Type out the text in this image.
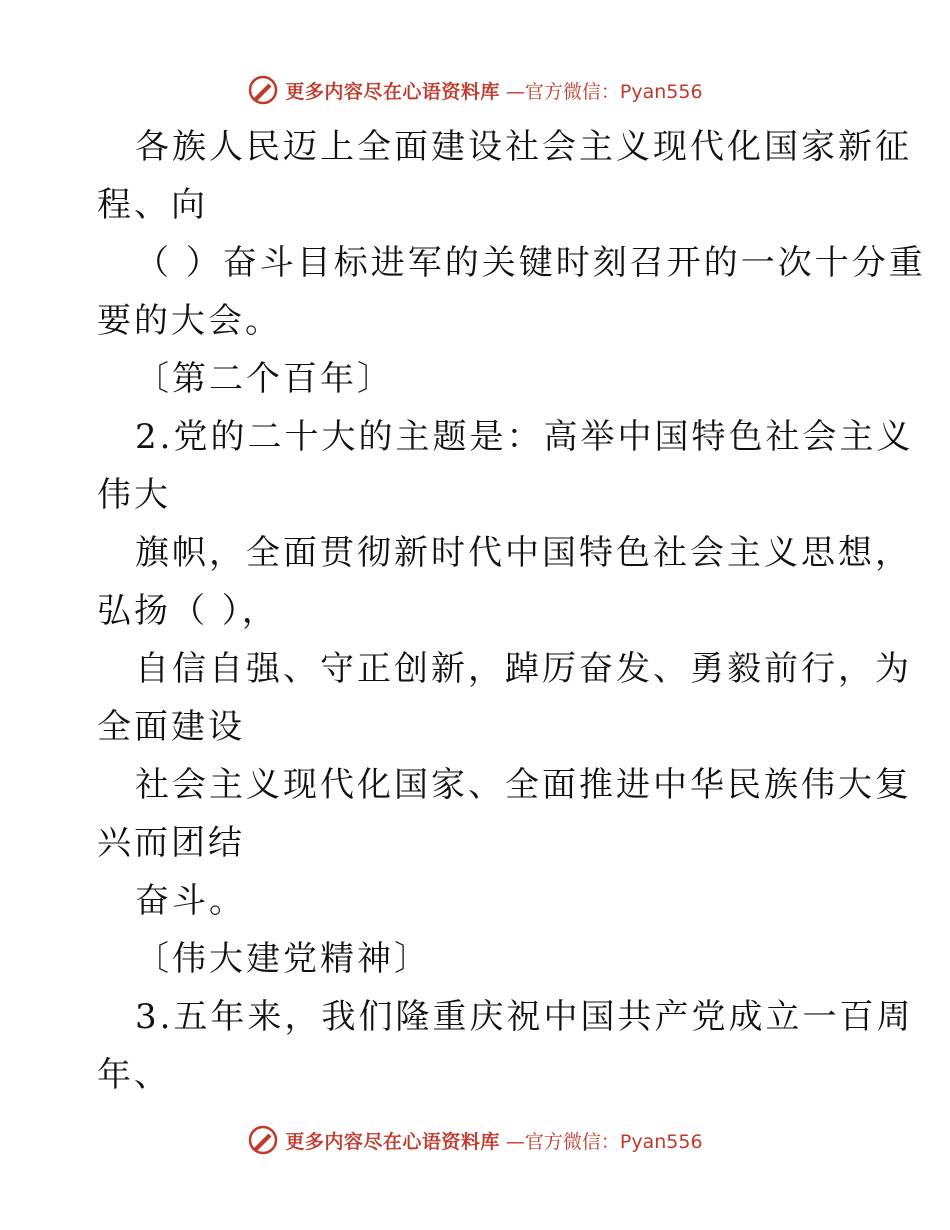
更多内容尽在心语资料库 —官方微信：Pyan556
各族人民迈上全面建设社会主义现代化国家新征
程、向
（ ）奋斗目标进军的关键时刻召开的一次十分重
要的大会。
〔第二个百年〕
2.党的二十大的主题是：高举中国特色社会主义
伟大
旗帜，全面贯彻新时代中国特色社会主义思想，
弘扬（ ），
自信自强、守正创新，踔厉奋发、勇毅前行，为
全面建设
社会主义现代化国家、全面推进中华民族伟大复
兴而团结
奋斗。
〔伟大建党精神〕
3.五年来，我们隆重庆祝中国共产党成立一百周
年、
更多内容尽在心语资料库 —官方微信：Pyan556
